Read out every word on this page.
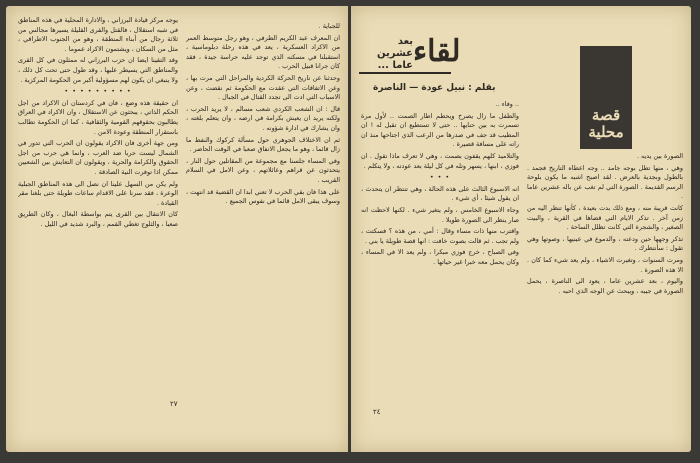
يوجه مركز قيادة البرزاني ، والادارة المحلية في هذه المناطق في شبه استقلال ، فالقتل والقرى القليلة يسيرها مجالس من ثلاثة رجال من أبناء المنطقة ، وهو من الجنوب الاطراقي ، مثل من السكان ، ويشتمون الاكراد عموما .

وقد التقينا ايضا ان حزب البرزاني له ممثلون في كل القرى والمناطق التي يسيطر عليها ، وقد طول حتى تحت كل ذلك ، ولا ينبغي ان يكون لهم مسؤولية أكبر من الحكومة المركزية .

• • • • • • • • •

ان حقيقة هذه وضع ، فان في كردستان ان الاكراد من اجل الحكم الذاتي ، يبحثون عن الاستقلال ، وان الاكراد في العراق يطالبون بحقوقهم القومية والثقافية ، كما ان الحكومة تطالب باستقرار المنطقة وعودة الامن .

ومن جهة أخرى فان الاكراد يقولون ان الحرب التي تدور في الشمال ليست حربا ضد العرب ، وانما هي حرب من اجل الحقوق والكرامة والحرية ، ويقولون ان التعايش بين الشعبين ممكن اذا توفرت النية الصادقة .

ولم يكن من السهل علينا ان نصل الى هذه المناطق الجبلية الوعرة ، فقد سرنا على الاقدام ساعات طويلة حتى بلغنا مقر القيادة .

كان الانتقال بين القرى يتم بواسطة البغال ، وكان الطريق صعبا ، والثلوج تغطي القمم ، والبرد شديد في الليل .

للجباية .

ان المعرف عبد الكريم الطرفي ، وهو رجل متوسط العمر من الاكراد العسكرية ، يعد في هذه رحلة دبلوماسية ، استقبلنا في مسكنه الذي توجد عليه حراسة جيدة ، فقد كان جرانا قبيل الحرب .

وحدثنا عن تاريخ الحركة الكردية والمراحل التي مرت بها ، وعن الاتفاقات التي عقدت مع الحكومة ثم نقضت ، وعن الاسباب التي ادت الى تجدد القتال في الجبال .

قال : ان الشعب الكردي شعب مسالم ، لا يريد الحرب ، ولكنه يريد ان يعيش بكرامة في ارضه ، وان يتعلم بلغته ، وان يشارك في ادارة شؤونه .

ثم ان الاختلاف الجوهري حول مسألة كركوك والنفط ما زال قائما ، وهو ما يجعل الاتفاق صعبا في الوقت الحاضر .

وفي المساء جلسنا مع مجموعة من المقاتلين حول النار ، يتحدثون عن قراهم وعائلاتهم ، وعن الامل في السلام القريب .

على هذا فان بقي الحرب لا تعني ابدا ان القضية قد انتهت ، وسوف يبقى الامل قائما في نفوس الجميع .

٢٧
قصة
محلية
لقاء
بعد عشرين عاما ...
بقلم : نبيل عودة — الناصرة

.. وفاء ..

والطفل ما زال يصرخ ويحطم اطار الصمت .. لأول مرة تسمرت به بين حنايها .. حتى لا تستطيع ان تقبل له ! ان المطيب قد جف في صدرها من الرعب الذي اجتاحها منذ ان راته على مسافة قصيرة .

والتلاميذ كلهم يقفون بصمت ، وهي لا تعرف ماذا تقول . ان فوزي ، ابنها ، يسهر وتله في كل ليلة بعد عودته ، ولا يتكلم .

• • •

انه الاسبوع الثالث على هذه الحالة ، وهي تنتظر ان يتحدث ، ان يقول شيئا ، أي شيء .

وجاء الاسبوع الخامس ، ولم يتغير شيء . لكنها لاحظت انه صار ينظر الى الصورة طويلا .

واقترب منها ذات مساء وقال : أمي ، من هذه ؟ فسكتت ، ولم تجب . ثم قالت بصوت خافت : انها قصة طويلة يا بني .

وفي الصباح ، خرج فوزي مبكرا ، ولم يعد الا في المساء ، وكان يحمل معه خبرا غير حياتها .

الصورة بين يديه .

وهي ، منها تطل بوجه جامد .. وجه اعطاه التاريخ فجمد . بالطول وبجدية بالعرض . لقد اصبح اشبه ما يكون بلوحة الرسم القديمة . الصورة التي لم تغب عن باله عشرين عاما .

كانت قريبة منه ، ومع ذلك بدت بعيدة ، كأنها تنظر اليه من زمن آخر . تذكر الايام التي قضاها في القرية ، والبيت الصغير ، والشجرة التي كانت تظلل الساحة .

تذكر وجهها حين ودعته ، والدموع في عينيها ، وصوتها وهي تقول : سأنتظرك .

ومرت السنوات ، وتغيرت الاشياء ، ولم يعد شيء كما كان . الا هذه الصورة .

واليوم ، بعد عشرين عاما ، يعود الى الناصرة ، يحمل الصورة في جيبه ، ويبحث عن الوجه الذي احبه .

٢٤
